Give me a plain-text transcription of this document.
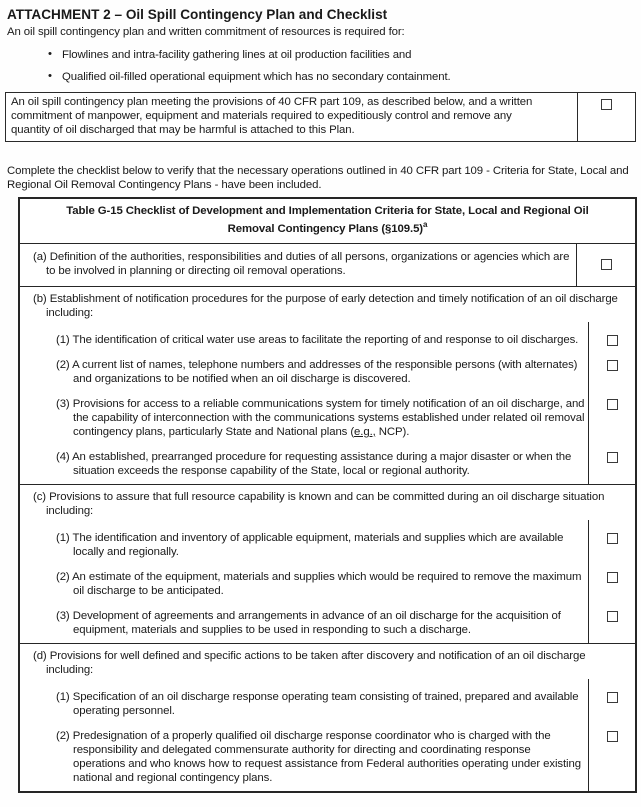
ATTACHMENT 2 – Oil Spill Contingency Plan and Checklist
An oil spill contingency plan and written commitment of resources is required for:
• Flowlines and intra-facility gathering lines at oil production facilities and
• Qualified oil-filled operational equipment which has no secondary containment.
An oil spill contingency plan meeting the provisions of 40 CFR part 109, as described below, and a written commitment of manpower, equipment and materials required to expeditiously control and remove any quantity of oil discharged that may be harmful is attached to this Plan.
Complete the checklist below to verify that the necessary operations outlined in 40 CFR part 109 - Criteria for State, Local and Regional Oil Removal Contingency Plans - have been included.
Table G-15 Checklist of Development and Implementation Criteria for State, Local and Regional Oil
Removal Contingency Plans (§109.5)$^a$
(a) Definition of the authorities, responsibilities and duties of all persons, organizations or agencies which are to be involved in planning or directing oil removal operations.
(b) Establishment of notification procedures for the purpose of early detection and timely notification of an oil discharge including:
(1) The identification of critical water use areas to facilitate the reporting of and response to oil discharges.
(2) A current list of names, telephone numbers and addresses of the responsible persons (with alternates) and organizations to be notified when an oil discharge is discovered.
(3) Provisions for access to a reliable communications system for timely notification of an oil discharge, and the capability of interconnection with the communications systems established under related oil removal contingency plans, particularly State and National plans (e.g., NCP).
(4) An established, prearranged procedure for requesting assistance during a major disaster or when the situation exceeds the response capability of the State, local or regional authority.
(c) Provisions to assure that full resource capability is known and can be committed during an oil discharge situation including:
(1) The identification and inventory of applicable equipment, materials and supplies which are available locally and regionally.
(2) An estimate of the equipment, materials and supplies which would be required to remove the maximum oil discharge to be anticipated.
(3) Development of agreements and arrangements in advance of an oil discharge for the acquisition of equipment, materials and supplies to be used in responding to such a discharge.
(d) Provisions for well defined and specific actions to be taken after discovery and notification of an oil discharge including:
(1) Specification of an oil discharge response operating team consisting of trained, prepared and available operating personnel.
(2) Predesignation of a properly qualified oil discharge response coordinator who is charged with the responsibility and delegated commensurate authority for directing and coordinating response operations and who knows how to request assistance from Federal authorities operating under existing national and regional contingency plans.
